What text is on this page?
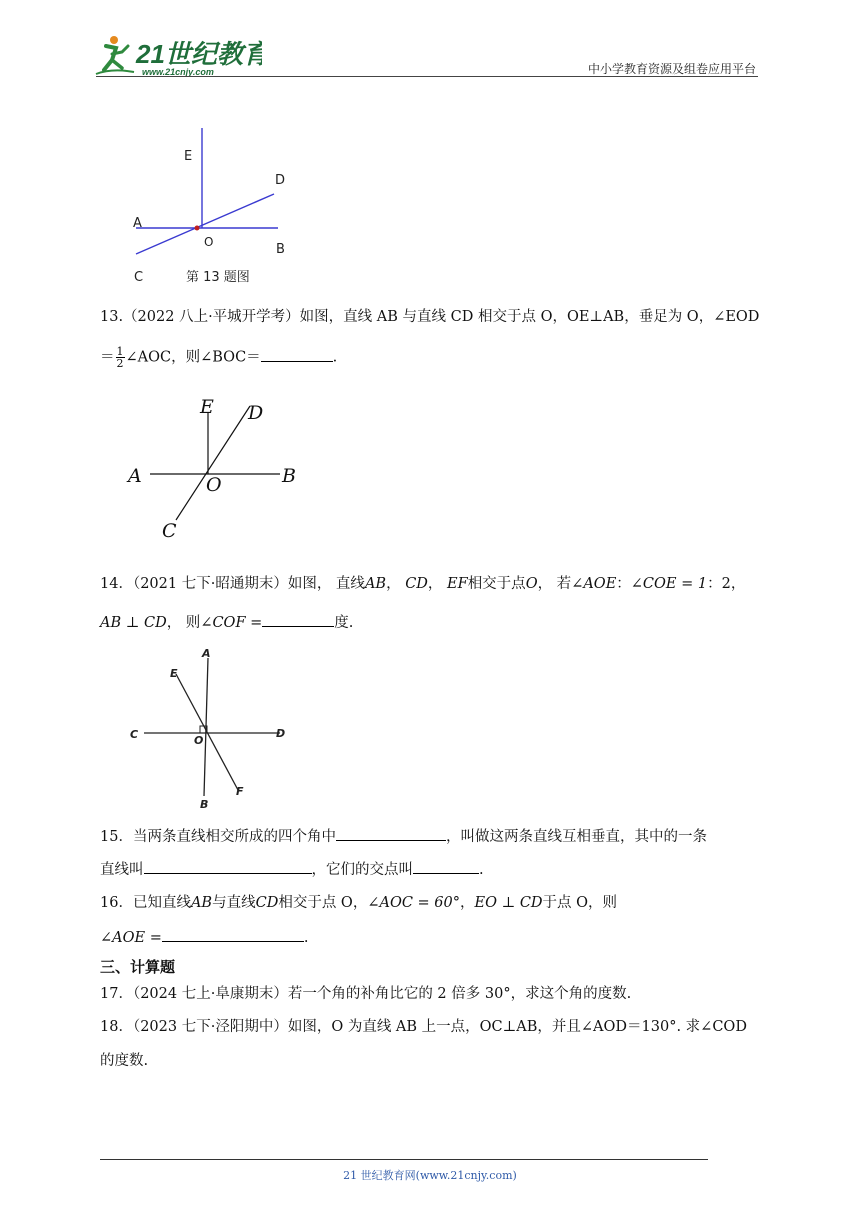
21世纪教育
www.21cnjy.com	中小学教育资源及组卷应用平台
E
D
A
O	B
C	第 13 题图
13.（2022 八上·平城开学考）如图，直线 AB 与直线 CD 相交于点 O，OE⊥AB，垂足为 O，∠EOD
＝ $\frac{1}{2}$ ∠AOC，则∠BOC＝	.
E D
A	O	B
C
14．（2021 七下·昭通期末）如图， 直线AB， CD， EF相交于点O， 若∠AOE：∠COE = 1：2，
AB ⊥ CD， 则∠COF =	度.
A
E
C	O
D
B
F
15．当两条直线相交所成的四个角中	，叫做这两条直线互相垂直，其中的一条
直线叫	，它们的交点叫	.
16．已知直线AB与直线CD相交于点 O，∠AOC = 60°，EO ⊥ CD于点 O，则
∠AOE =	.
三、计算题
17．（2024 七上·阜康期末）若一个角的补角比它的 2 倍多 30°，求这个角的度数.
18．（2023 七下·泾阳期中）如图，O 为直线 AB 上一点，OC⊥AB，并且∠AOD＝130°. 求∠COD
的度数.
21 世纪教育网(www.21cnjy.com)
